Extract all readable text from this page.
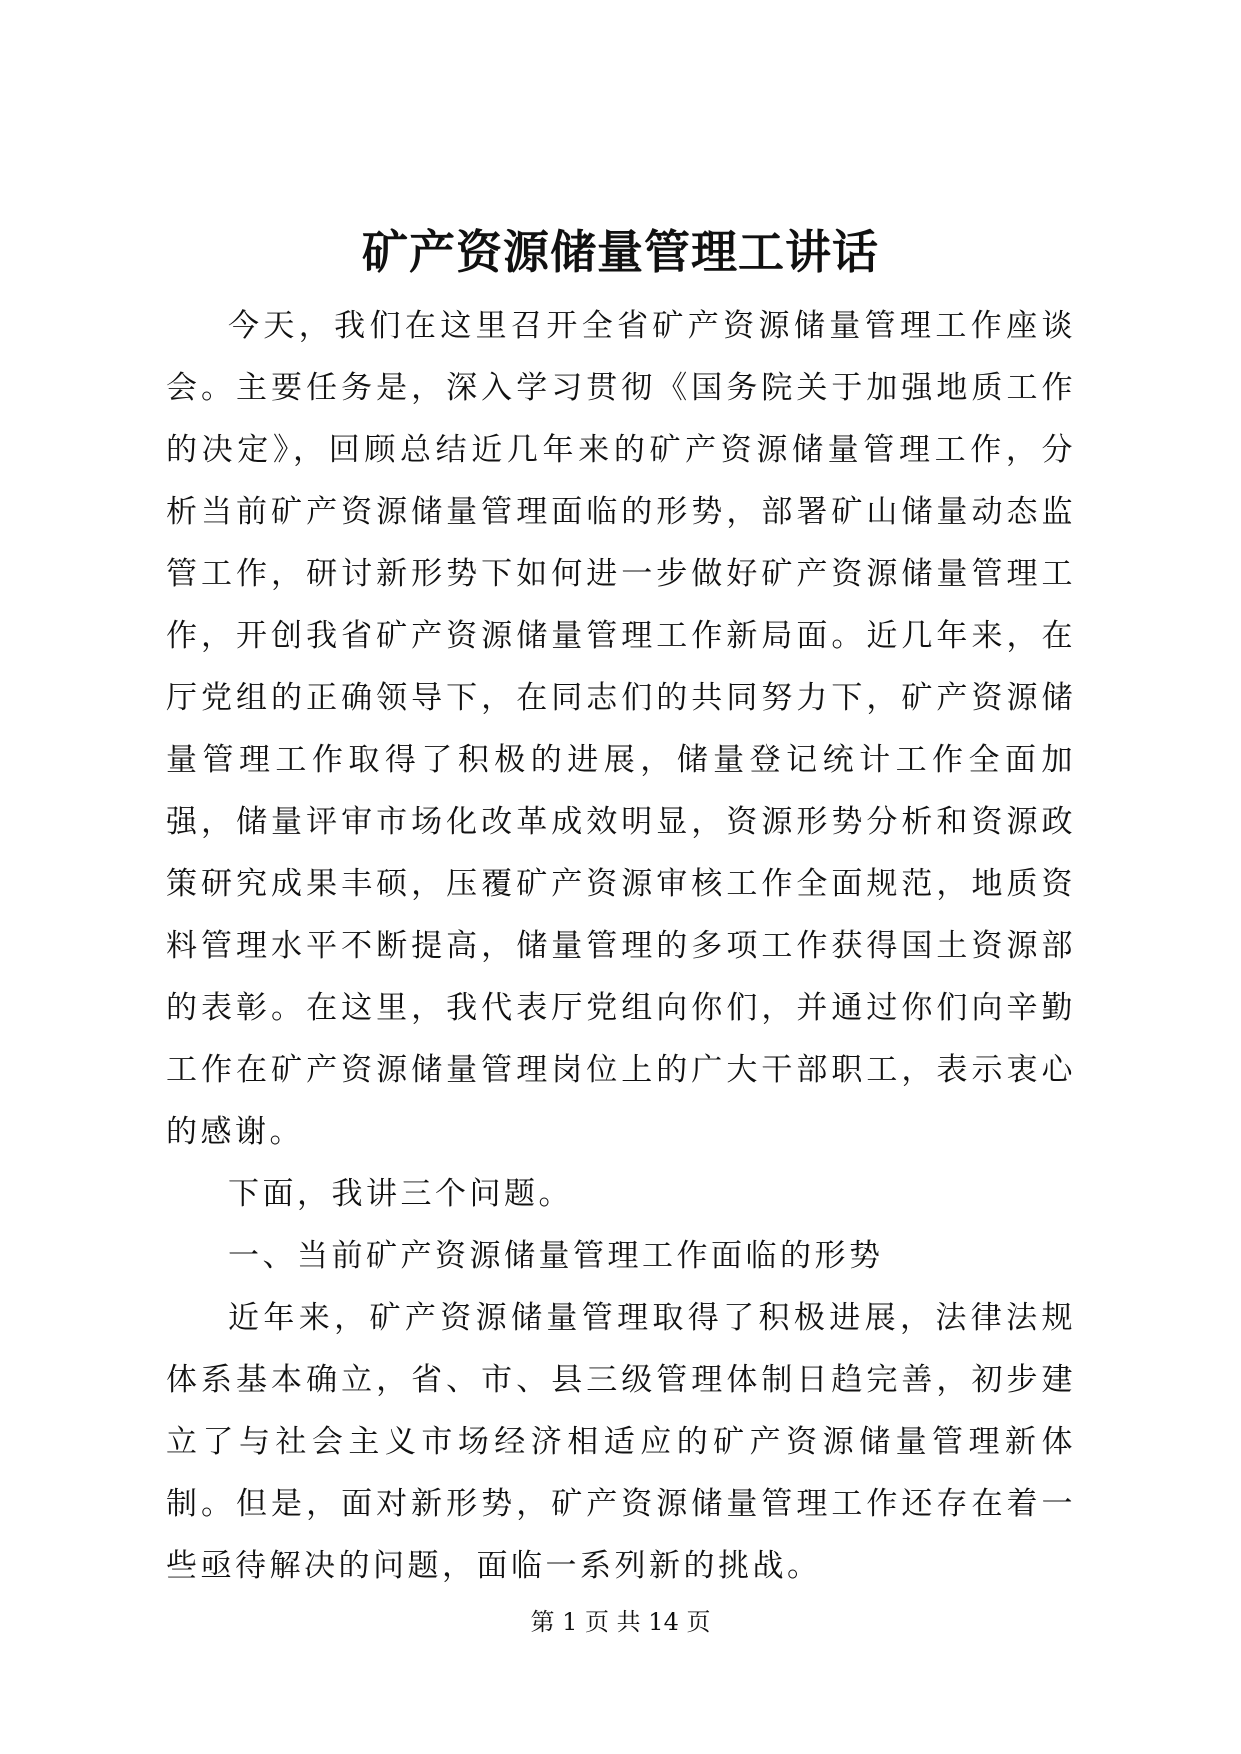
矿产资源储量管理工讲话

今天，我们在这里召开全省矿产资源储量管理工作座谈会。主要任务是，深入学习贯彻《国务院关于加强地质工作的决定》，回顾总结近几年来的矿产资源储量管理工作，分析当前矿产资源储量管理面临的形势，部署矿山储量动态监管工作，研讨新形势下如何进一步做好矿产资源储量管理工作，开创我省矿产资源储量管理工作新局面。近几年来，在厅党组的正确领导下，在同志们的共同努力下，矿产资源储量管理工作取得了积极的进展，储量登记统计工作全面加强，储量评审市场化改革成效明显，资源形势分析和资源政策研究成果丰硕，压覆矿产资源审核工作全面规范，地质资料管理水平不断提高，储量管理的多项工作获得国土资源部的表彰。在这里，我代表厅党组向你们，并通过你们向辛勤工作在矿产资源储量管理岗位上的广大干部职工，表示衷心的感谢。

下面，我讲三个问题。

一、当前矿产资源储量管理工作面临的形势

近年来，矿产资源储量管理取得了积极进展，法律法规体系基本确立，省、市、县三级管理体制日趋完善，初步建立了与社会主义市场经济相适应的矿产资源储量管理新体制。但是，面对新形势，矿产资源储量管理工作还存在着一些亟待解决的问题，面临一系列新的挑战。

第 1 页 共 14 页
